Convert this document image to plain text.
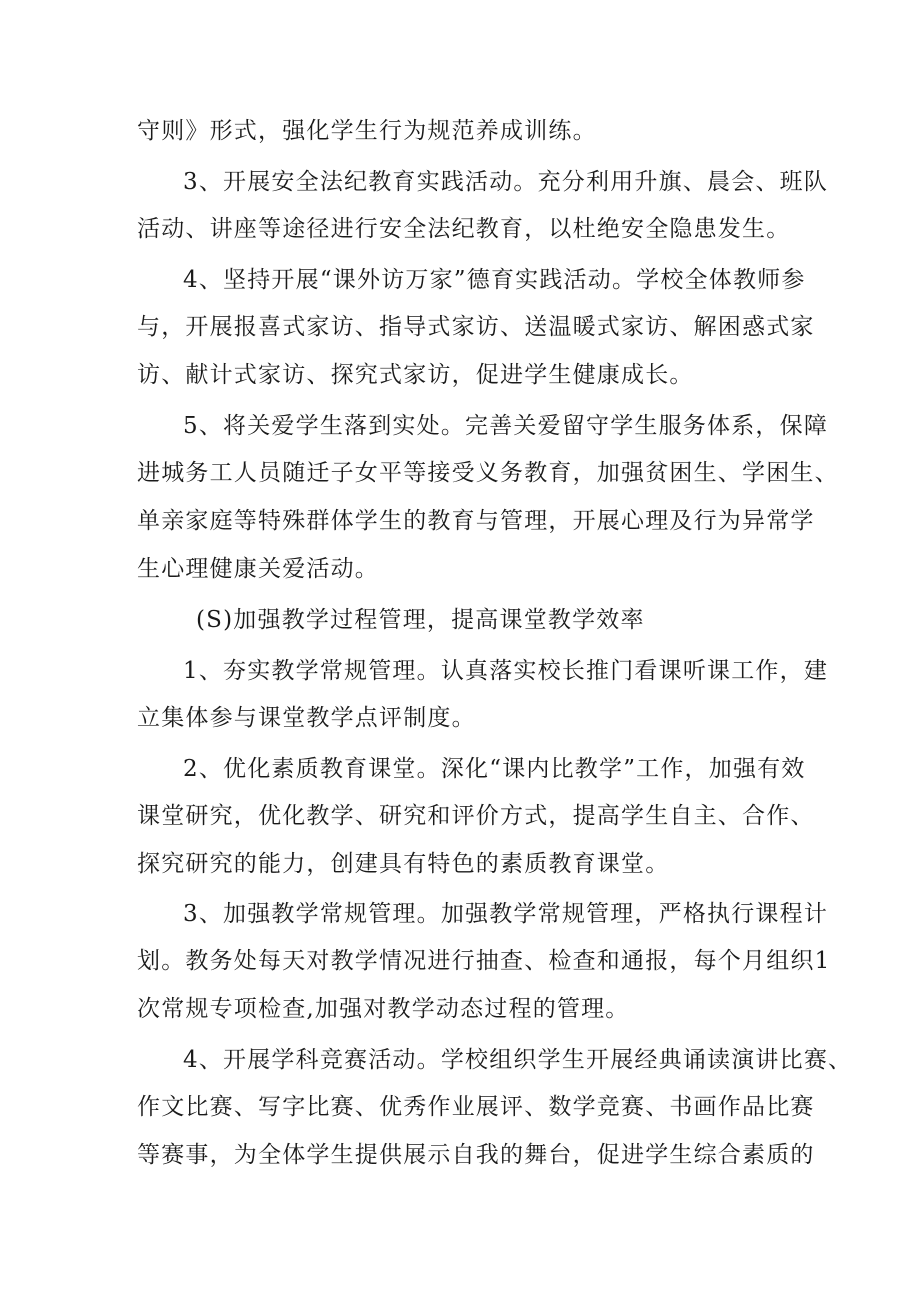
守则》形式，强化学生行为规范养成训练。
3、开展安全法纪教育实践活动。充分利用升旗、晨会、班队
活动、讲座等途径进行安全法纪教育，以杜绝安全隐患发生。
4、坚持开展“课外访万家”德育实践活动。学校全体教师参
与，开展报喜式家访、指导式家访、送温暖式家访、解困惑式家
访、献计式家访、探究式家访，促进学生健康成长。
5、将关爱学生落到实处。完善关爱留守学生服务体系，保障
进城务工人员随迁子女平等接受义务教育，加强贫困生、学困生、
单亲家庭等特殊群体学生的教育与管理，开展心理及行为异常学
生心理健康关爱活动。
(S)加强教学过程管理，提高课堂教学效率
1、夯实教学常规管理。认真落实校长推门看课听课工作，建
立集体参与课堂教学点评制度。
2、优化素质教育课堂。深化“课内比教学”工作，加强有效
课堂研究，优化教学、研究和评价方式，提高学生自主、合作、
探究研究的能力，创建具有特色的素质教育课堂。
3、加强教学常规管理。加强教学常规管理，严格执行课程计
划。教务处每天对教学情况进行抽查、检查和通报，每个月组织1
次常规专项检查,加强对教学动态过程的管理。
4、开展学科竞赛活动。学校组织学生开展经典诵读演讲比赛、
作文比赛、写字比赛、优秀作业展评、数学竞赛、书画作品比赛
等赛事，为全体学生提供展示自我的舞台，促进学生综合素质的
